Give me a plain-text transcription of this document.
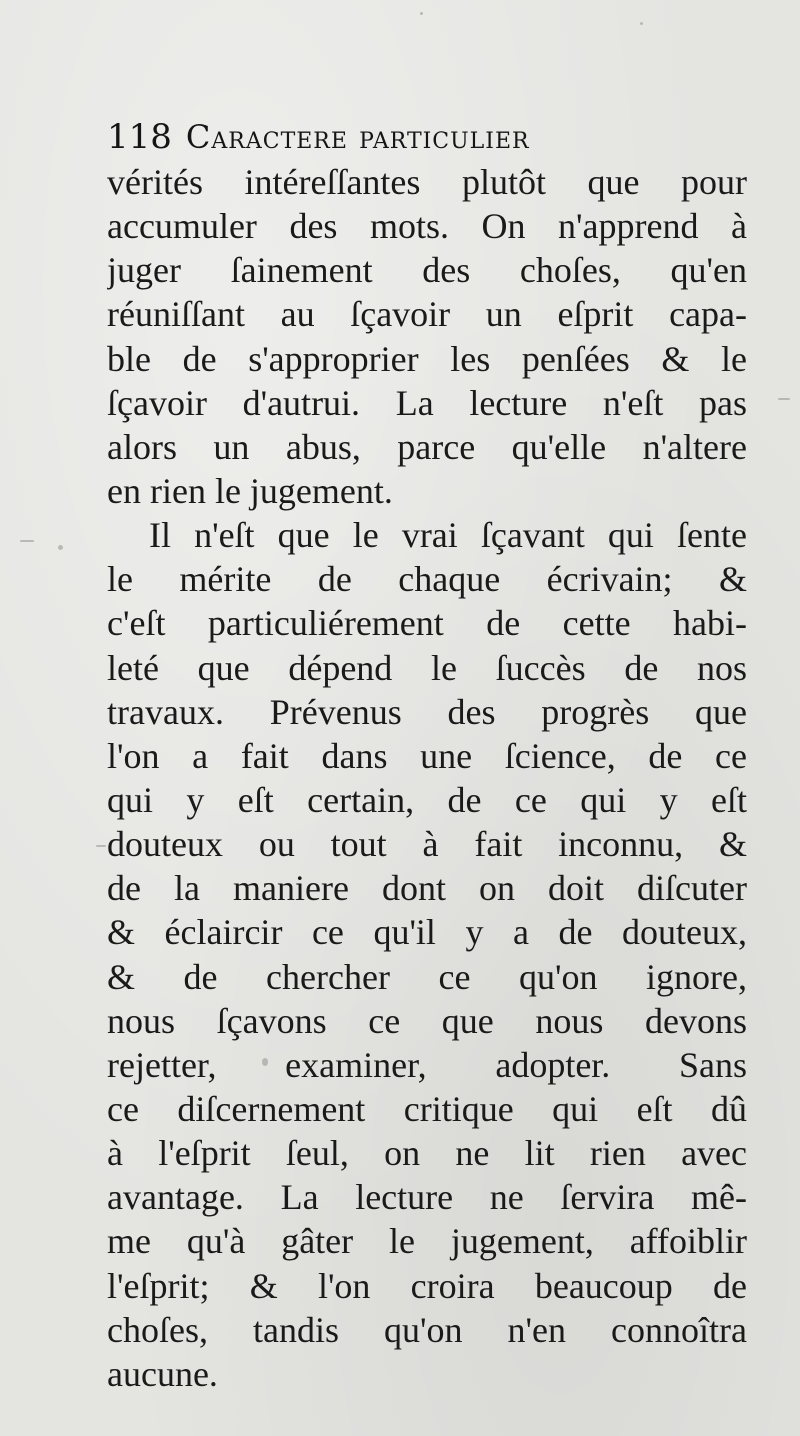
118 Caractere particulier
vérités intéreſſantes plutôt que pour
accumuler des mots. On n'apprend à
juger ſainement des choſes, qu'en
réuniſſant au ſçavoir un eſprit capa-
ble de s'approprier les penſées & le
ſçavoir d'autrui. La lecture n'eſt pas
alors un abus, parce qu'elle n'altere
en rien le jugement.
Il n'eſt que le vrai ſçavant qui ſente
le mérite de chaque écrivain; &
c'eſt particuliérement de cette habi-
leté que dépend le ſuccès de nos
travaux. Prévenus des progrès que
l'on a fait dans une ſcience, de ce
qui y eſt certain, de ce qui y eſt
douteux ou tout à fait inconnu, &
de la maniere dont on doit diſcuter
& éclaircir ce qu'il y a de douteux,
& de chercher ce qu'on ignore,
nous ſçavons ce que nous devons
rejetter, examiner, adopter. Sans
ce diſcernement critique qui eſt dû
à l'eſprit ſeul, on ne lit rien avec
avantage. La lecture ne ſervira mê-
me qu'à gâter le jugement, affoiblir
l'eſprit; & l'on croira beaucoup de
choſes, tandis qu'on n'en connoîtra
aucune.
